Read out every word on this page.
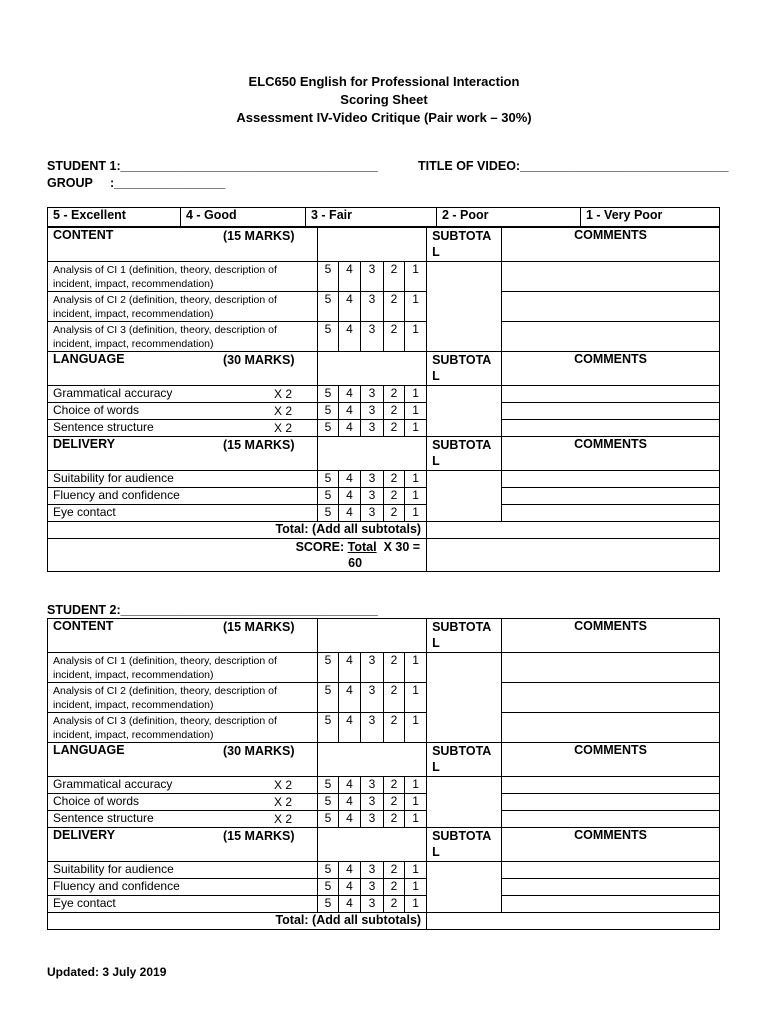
ELC650 English for Professional Interaction
Scoring Sheet
Assessment IV-Video Critique (Pair work – 30%)
STUDENT 1:_____________________________________	TITLE OF VIDEO:______________________________
GROUP     :________________
5 - Excellent	4 - Good	3 - Fair	2 - Poor	1 - Very Poor
CONTENT (15 MARKS)						SUBTOTA L	COMMENTS
Analysis of CI 1 (definition, theory, description of incident, impact, recommendation)	5	4	3	2	1		
Analysis of CI 2 (definition, theory, description of incident, impact, recommendation)	5	4	3	2	1		
Analysis of CI 3 (definition, theory, description of incident, impact, recommendation)	5	4	3	2	1		
LANGUAGE (30 MARKS)						SUBTOTA L	COMMENTS
Grammatical accuracy X 2	5	4	3	2	1		
Choice of words X 2	5	4	3	2	1		
Sentence structure X 2	5	4	3	2	1		
DELIVERY (15 MARKS)						SUBTOTA L	COMMENTS
Suitability for audience	5	4	3	2	1		
Fluency and confidence	5	4	3	2	1		
Eye contact	5	4	3	2	1		
Total: (Add all subtotals)							
SCORE: Total X 30 =
60							
STUDENT 2:_____________________________________
CONTENT (15 MARKS)						SUBTOTA L	COMMENTS
Analysis of CI 1 (definition, theory, description of incident, impact, recommendation)	5	4	3	2	1		
Analysis of CI 2 (definition, theory, description of incident, impact, recommendation)	5	4	3	2	1		
Analysis of CI 3 (definition, theory, description of incident, impact, recommendation)	5	4	3	2	1		
LANGUAGE (30 MARKS)						SUBTOTA L	COMMENTS
Grammatical accuracy X 2	5	4	3	2	1		
Choice of words X 2	5	4	3	2	1		
Sentence structure X 2	5	4	3	2	1		
DELIVERY (15 MARKS)						SUBTOTA L	COMMENTS
Suitability for audience	5	4	3	2	1		
Fluency and confidence	5	4	3	2	1		
Eye contact	5	4	3	2	1		
Total: (Add all subtotals)							
Updated: 3 July 2019
